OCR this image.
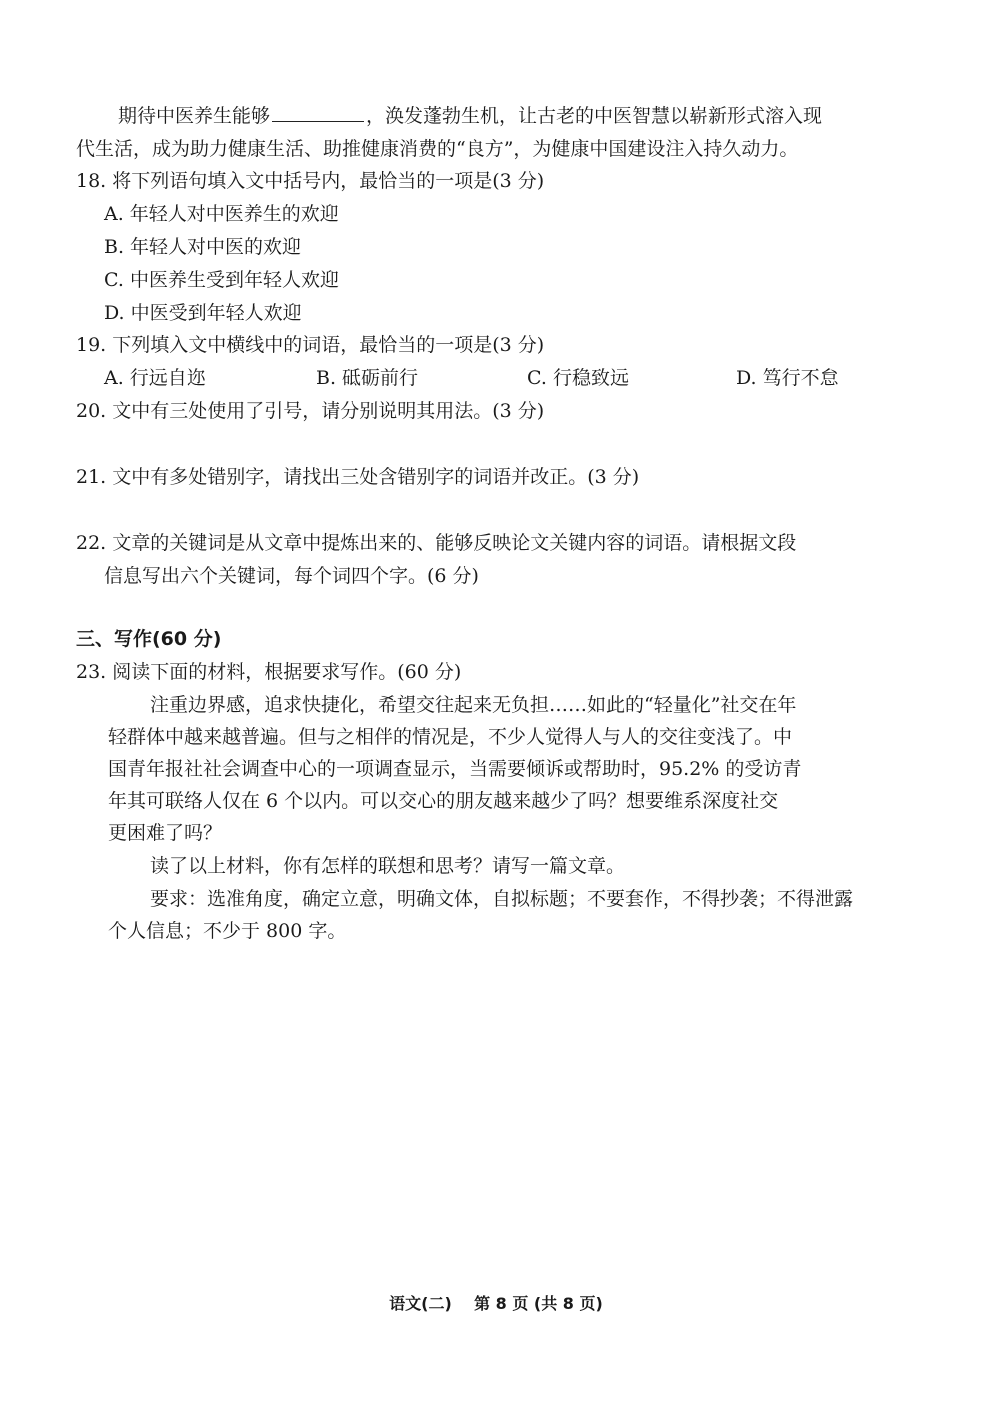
期待中医养生能够	，涣发蓬勃生机，让古老的中医智慧以崭新形式溶入现
代生活，成为助力健康生活、助推健康消费的“良方”，为健康中国建设注入持久动力。
18. 将下列语句填入文中括号内，最恰当的一项是(3 分)
A. 年轻人对中医养生的欢迎
B. 年轻人对中医的欢迎
C. 中医养生受到年轻人欢迎
D. 中医受到年轻人欢迎
19. 下列填入文中横线中的词语，最恰当的一项是(3 分)
A. 行远自迩	B. 砥砺前行	C. 行稳致远	D. 笃行不怠
20. 文中有三处使用了引号，请分别说明其用法。(3 分)
21. 文中有多处错别字，请找出三处含错别字的词语并改正。(3 分)
22. 文章的关键词是从文章中提炼出来的、能够反映论文关键内容的词语。请根据文段
信息写出六个关键词，每个词四个字。(6 分)
三、写作(60 分)
23. 阅读下面的材料，根据要求写作。(60 分)
注重边界感，追求快捷化，希望交往起来无负担……如此的“轻量化”社交在年
轻群体中越来越普遍。但与之相伴的情况是，不少人觉得人与人的交往变浅了。中
国青年报社社会调查中心的一项调查显示，当需要倾诉或帮助时，95.2% 的受访青
年其可联络人仅在 6 个以内。可以交心的朋友越来越少了吗？想要维系深度社交
更困难了吗？
读了以上材料，你有怎样的联想和思考？请写一篇文章。
要求：选准角度，确定立意，明确文体，自拟标题；不要套作，不得抄袭；不得泄露
个人信息；不少于 800 字。
语文(二)    第 8 页 (共 8 页)
